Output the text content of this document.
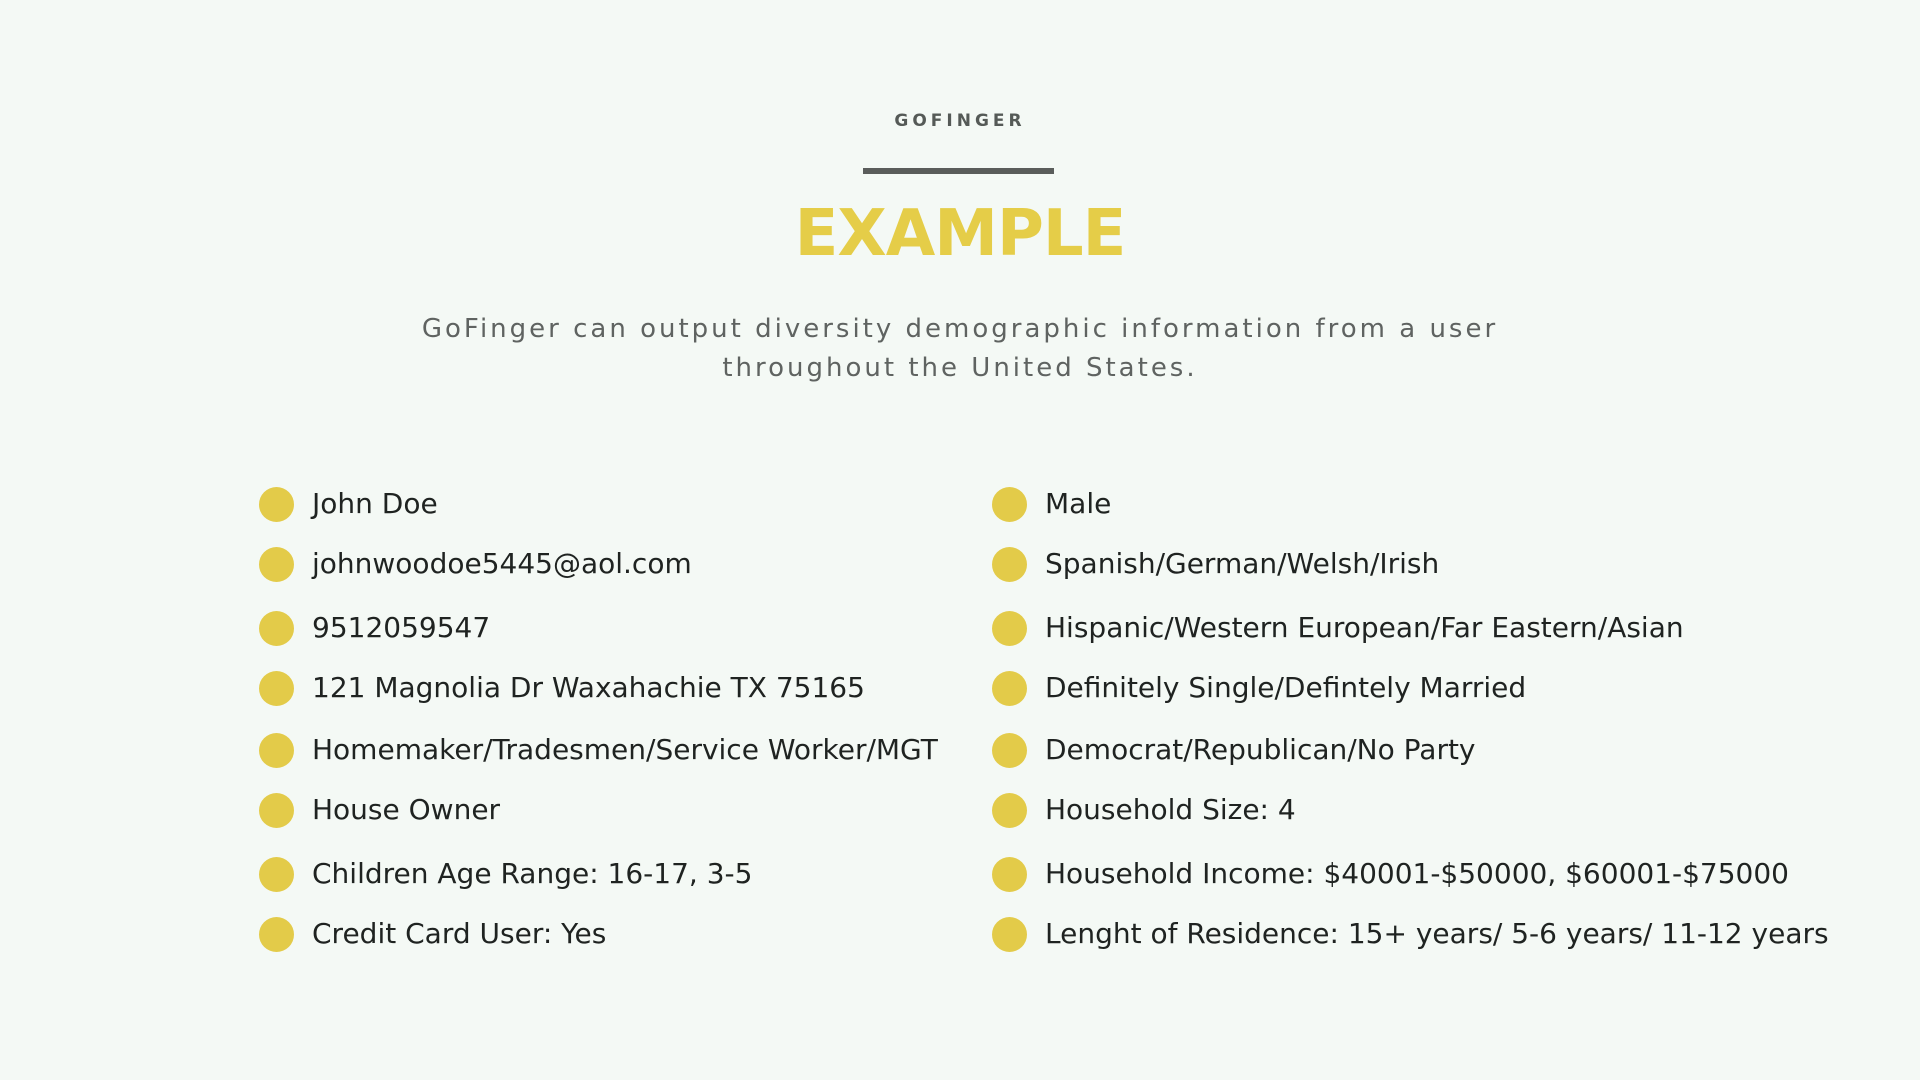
GOFINGER
EXAMPLE
GoFinger can output diversity demographic information from a user throughout the United States.
John Doe
johnwoodoe5445@aol.com
9512059547
121 Magnolia Dr Waxahachie TX 75165
Homemaker/Tradesmen/Service Worker/MGT
House Owner
Children Age Range: 16-17, 3-5
Credit Card User: Yes
Male
Spanish/German/Welsh/Irish
Hispanic/Western European/Far Eastern/Asian
Definitely Single/Defintely Married
Democrat/Republican/No Party
Household Size: 4
Household Income: $40001-$50000, $60001-$75000
Lenght of Residence: 15+ years/ 5-6 years/ 11-12 years
